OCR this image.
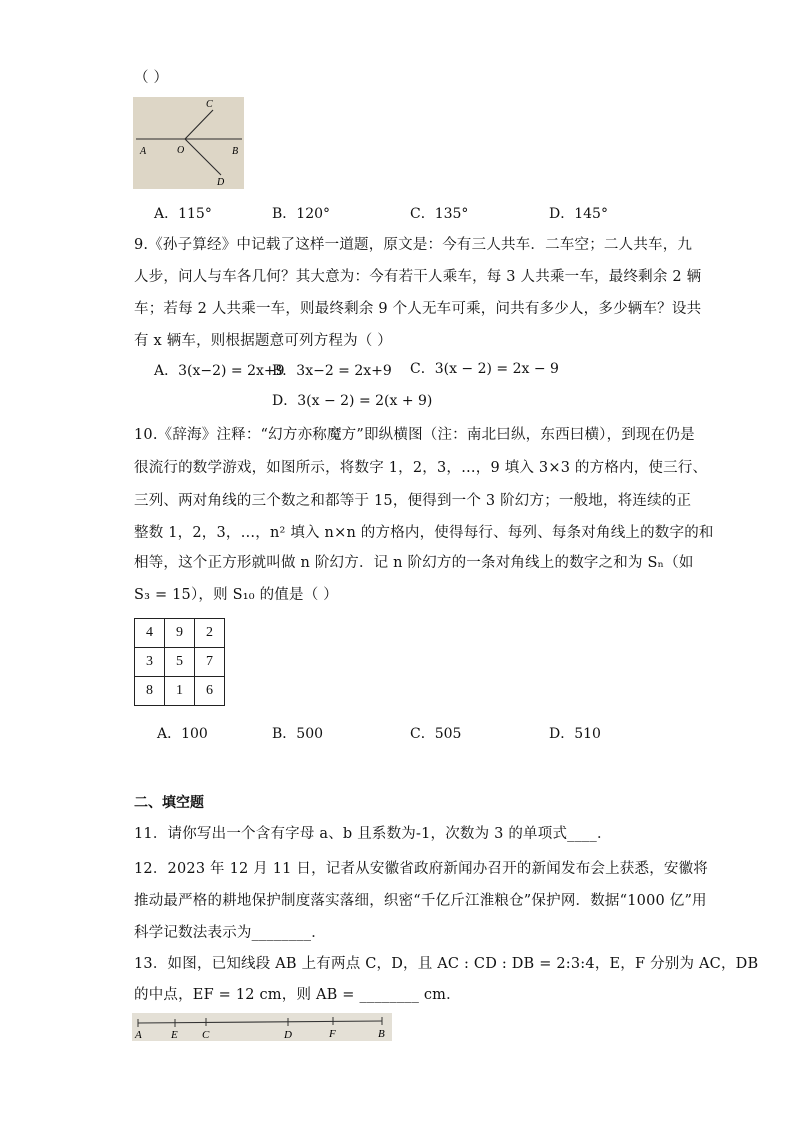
（ ）
A	O	B
C
D
A．115°	B．120°	C．135°	D．145°
9.《孙子算经》中记载了这样一道题，原文是：今有三人共车．二车空；二人共车，九
人步，问人与车各几何？其大意为：今有若干人乘车，每 3 人共乘一车，最终剩余 2 辆
车；若每 2 人共乘一车，则最终剩余 9 个人无车可乘，问共有多少人，多少辆车？设共
有 x 辆车，则根据题意可列方程为（ ）
A．3(x−2) = 2x+9
B．3x−2 = 2x+9 C．3(x − 2) = 2x − 9
D．3(x − 2) = 2(x + 9)
10.《辞海》注释：“幻方亦称魔方”即纵横图（注：南北曰纵，东西曰横），到现在仍是
很流行的数学游戏，如图所示，将数字 1，2，3，…，9 填入 3×3 的方格内，使三行、
三列、两对角线的三个数之和都等于 15，便得到一个 3 阶幻方；一般地，将连续的正
整数 1，2，3，…，n² 填入 n×n 的方格内，使得每行、每列、每条对角线上的数字的和
相等，这个正方形就叫做 n 阶幻方．记 n 阶幻方的一条对角线上的数字之和为 Sₙ（如
S₃ = 15），则 S₁₀ 的值是（ ）
4	9	2
3	5	7
8	1	6
A．100	B．500	C．505	D．510
二、填空题
11．请你写出一个含有字母 a、b 且系数为-1，次数为 3 的单项式____．
12．2023 年 12 月 11 日，记者从安徽省政府新闻办召开的新闻发布会上获悉，安徽将
推动最严格的耕地保护制度落实落细，织密“千亿斤江淮粮仓”保护网．数据“1000 亿”用
科学记数法表示为________．
13．如图，已知线段 AB 上有两点 C，D，且 AC : CD : DB = 2:3:4，E，F 分别为 AC，DB
的中点，EF = 12 cm，则 AB = ________ cm．
A	E C	D	F	B
